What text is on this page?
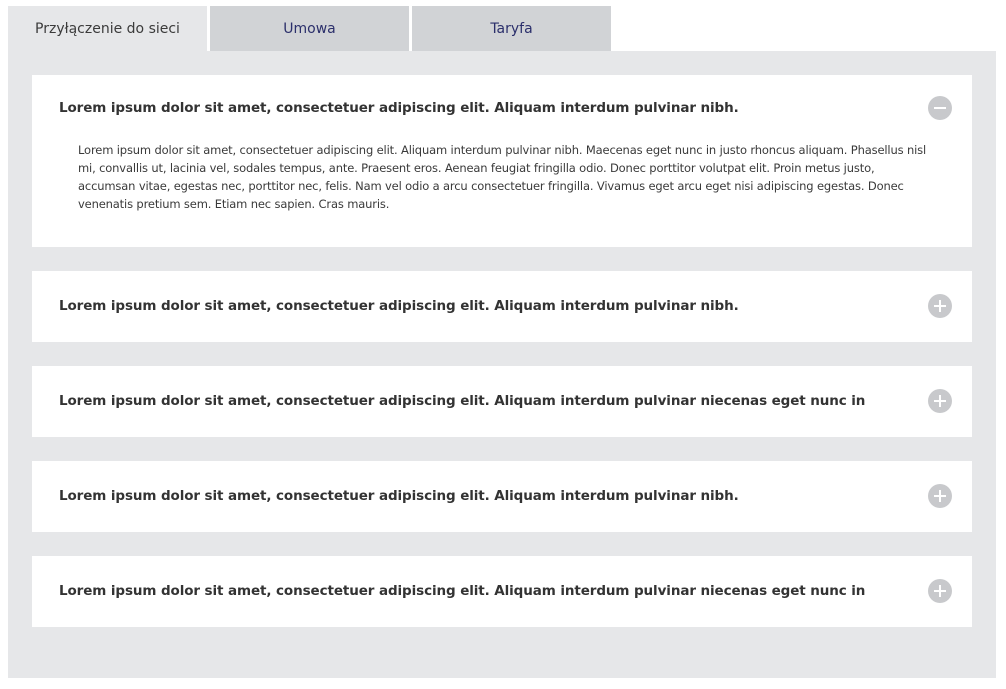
Przyłączenie do sieci	Umowa	Taryfa
Lorem ipsum dolor sit amet, consectetuer adipiscing elit. Aliquam interdum pulvinar nibh.
Lorem ipsum dolor sit amet, consectetuer adipiscing elit. Aliquam interdum pulvinar nibh. Maecenas eget nunc in justo rhoncus aliquam. Phasellus nisl mi, convallis ut, lacinia vel, sodales tempus, ante. Praesent eros. Aenean feugiat fringilla odio. Donec porttitor volutpat elit. Proin metus justo, accumsan vitae, egestas nec, porttitor nec, felis. Nam vel odio a arcu consectetuer fringilla. Vivamus eget arcu eget nisi adipiscing egestas. Donec venenatis pretium sem. Etiam nec sapien. Cras mauris.
Lorem ipsum dolor sit amet, consectetuer adipiscing elit. Aliquam interdum pulvinar nibh.
Lorem ipsum dolor sit amet, consectetuer adipiscing elit. Aliquam interdum pulvinar niecenas eget nunc in
Lorem ipsum dolor sit amet, consectetuer adipiscing elit. Aliquam interdum pulvinar nibh.
Lorem ipsum dolor sit amet, consectetuer adipiscing elit. Aliquam interdum pulvinar niecenas eget nunc in
